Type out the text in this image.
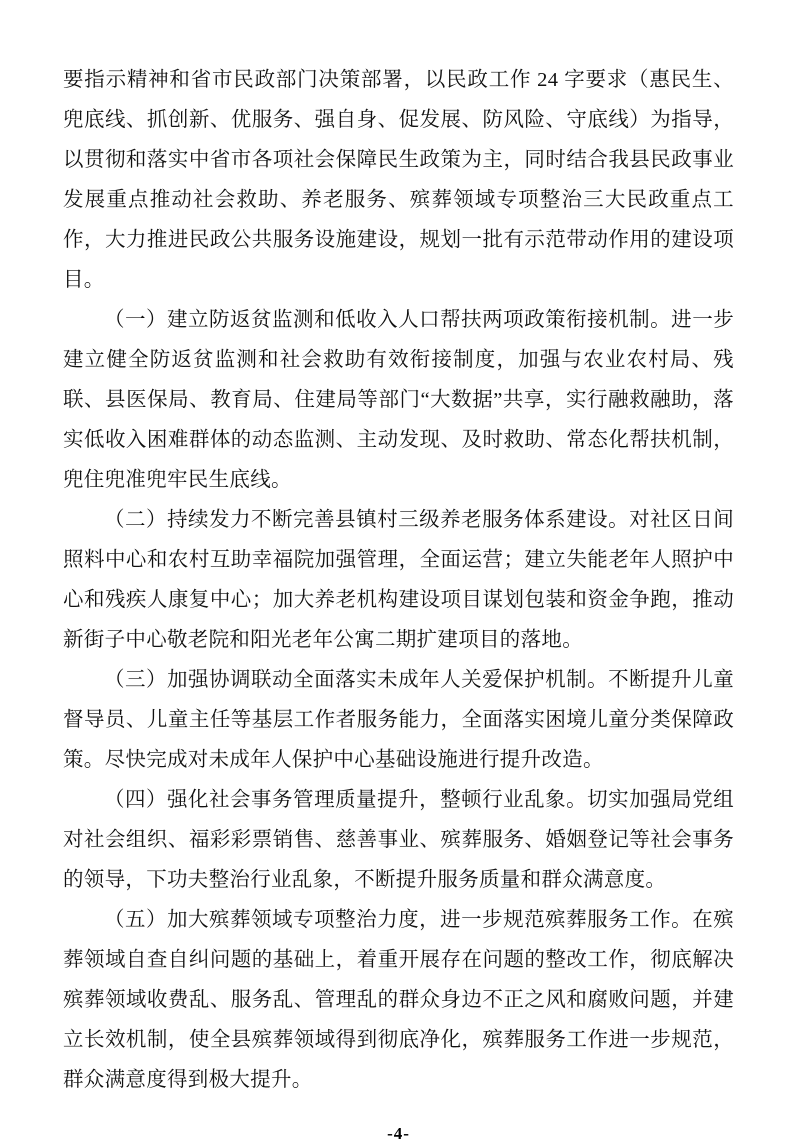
要指示精神和省市民政部门决策部署，以民政工作 24 字要求（惠民生、兜底线、抓创新、优服务、强自身、促发展、防风险、守底线）为指导，以贯彻和落实中省市各项社会保障民生政策为主，同时结合我县民政事业发展重点推动社会救助、养老服务、殡葬领域专项整治三大民政重点工作，大力推进民政公共服务设施建设，规划一批有示范带动作用的建设项目。

（一）建立防返贫监测和低收入人口帮扶两项政策衔接机制。进一步建立健全防返贫监测和社会救助有效衔接制度，加强与农业农村局、残联、县医保局、教育局、住建局等部门“大数据”共享，实行融救融助，落实低收入困难群体的动态监测、主动发现、及时救助、常态化帮扶机制，兜住兜准兜牢民生底线。

（二）持续发力不断完善县镇村三级养老服务体系建设。对社区日间照料中心和农村互助幸福院加强管理，全面运营；建立失能老年人照护中心和残疾人康复中心；加大养老机构建设项目谋划包装和资金争跑，推动新街子中心敬老院和阳光老年公寓二期扩建项目的落地。

（三）加强协调联动全面落实未成年人关爱保护机制。不断提升儿童督导员、儿童主任等基层工作者服务能力，全面落实困境儿童分类保障政策。尽快完成对未成年人保护中心基础设施进行提升改造。

（四）强化社会事务管理质量提升，整顿行业乱象。切实加强局党组对社会组织、福彩彩票销售、慈善事业、殡葬服务、婚姻登记等社会事务的领导，下功夫整治行业乱象，不断提升服务质量和群众满意度。

（五）加大殡葬领域专项整治力度，进一步规范殡葬服务工作。在殡葬领域自查自纠问题的基础上，着重开展存在问题的整改工作，彻底解决殡葬领域收费乱、服务乱、管理乱的群众身边不正之风和腐败问题，并建立长效机制，使全县殡葬领域得到彻底净化，殡葬服务工作进一步规范，群众满意度得到极大提升。

-4-
